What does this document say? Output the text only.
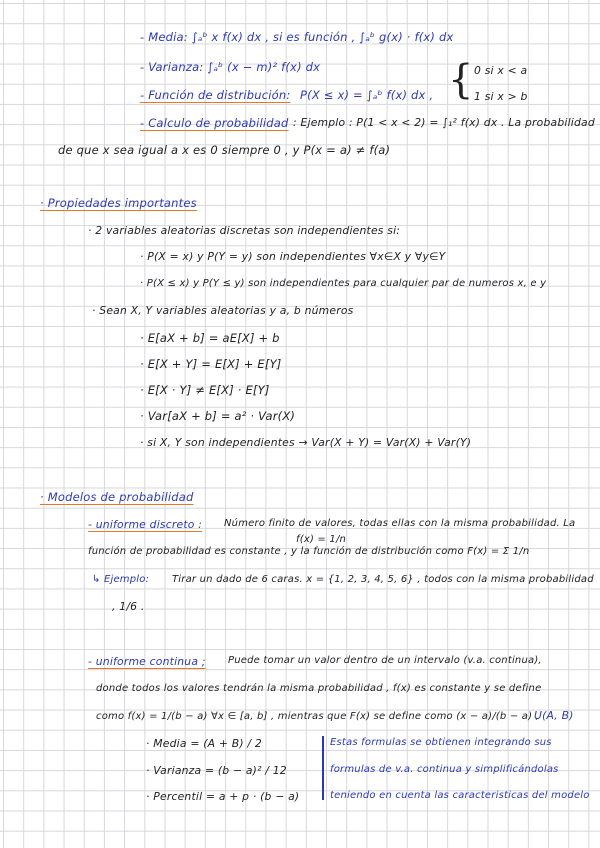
- Media: ∫ₐᵇ x f(x) dx , si es función , ∫ₐᵇ g(x) · f(x) dx
- Varianza: ∫ₐᵇ (x − m)² f(x) dx
- Función de distribución: P(X ≤ x) = ∫ₐᵇ f(x) dx , { 0 si x < a
1 si x > b
- Calculo de probabilidad : Ejemplo : P(1 < x < 2) = ∫₁² f(x) dx . La probabilidad
de que x sea igual a x es 0 siempre 0 , y P(x = a) ≠ f(a)
· Propiedades importantes
· 2 variables aleatorias discretas son independientes si:
· P(X = x) y P(Y = y) son independientes ∀x∈X y ∀y∈Y
· P(X ≤ x) y P(Y ≤ y) son independientes para cualquier par de numeros x, e y
· Sean X, Y variables aleatorias y a, b números
· E[aX + b] = aE[X] + b
· E[X + Y] = E[X] + E[Y]
· E[X · Y] ≠ E[X] · E[Y]
· Var[aX + b] = a² · Var(X)
· si X, Y son independientes → Var(X + Y) = Var(X) + Var(Y)
· Modelos de probabilidad
- uniforme discreto : Número finito de valores, todas ellas con la misma probabilidad. La
f(x) = 1/n
función de probabilidad es constante , y la función de distribución como F(x) = Σ 1/n
↳ Ejemplo: Tirar un dado de 6 caras. x = {1, 2, 3, 4, 5, 6} , todos con la misma probabilidad
, 1/6 .
- uniforme continua ; Puede tomar un valor dentro de un intervalo (v.a. continua),
donde todos los valores tendrán la misma probabilidad , f(x) es constante y se define
como f(x) = 1/(b − a) ∀x ∈ [a, b] , mientras que F(x) se define como (x − a)/(b − a) ,
U(A, B)
· Media = (A + B) / 2
· Varianza = (b − a)² / 12
· Percentil = a + p · (b − a)
Estas formulas se obtienen integrando sus
formulas de v.a. continua y simplificándolas
teniendo en cuenta las caracteristicas del modelo
